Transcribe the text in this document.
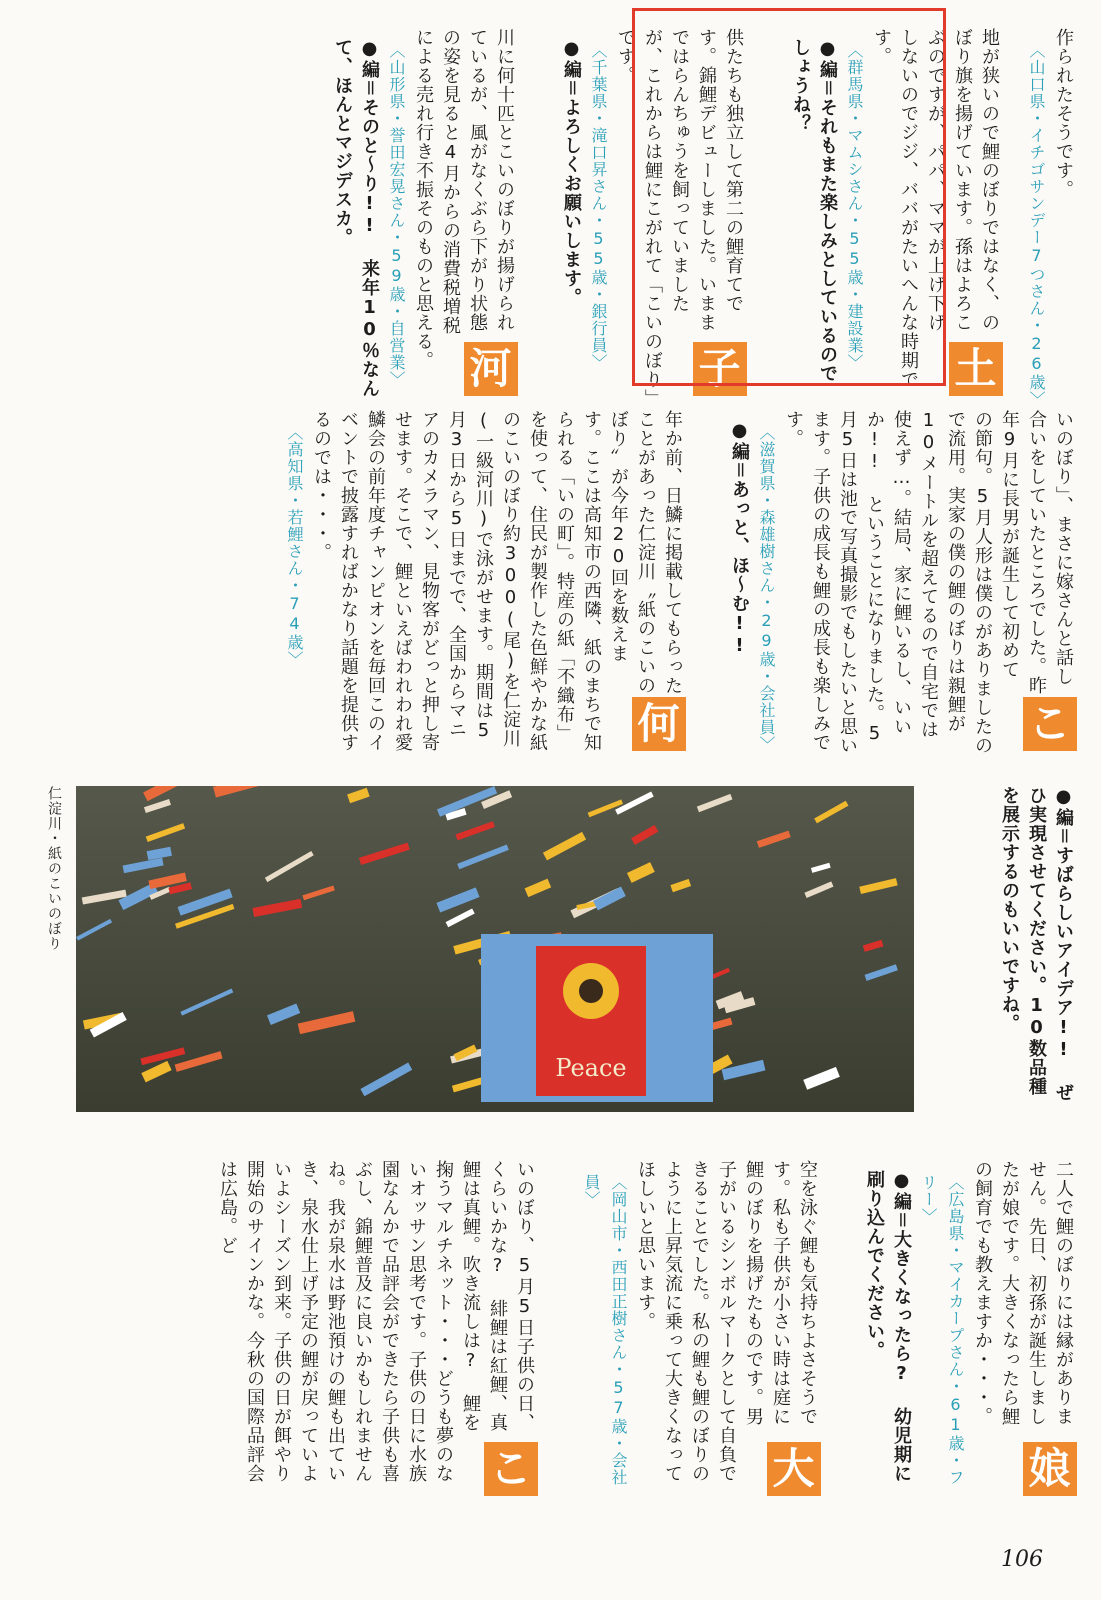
作られたそうです。
〈山口県・イチゴサンデー7つさん・26歳〉
土
地が狭いので鯉のぼりではなく、のぼり旗を揚げています。孫はよろこぶのですが、パパ、ママが上げ下げしないのでジジ、ババがたいへんな時期です。
〈群馬県・マムシさん・55歳・建設業〉
●編＝それもまた楽しみとしているのでしょうね？
子
供たちも独立して第二の鯉育てです。錦鯉デビューしました。いままではらんちゅうを飼っていましたが、これからは鯉にこがれて「こいのぼり」です。
〈千葉県・滝口昇さん・55歳・銀行員〉
●編＝よろしくお願いします。
河
川に何十匹とこいのぼりが揚げられているが、風がなくぶら下がり状態の姿を見ると4月からの消費税増税による売れ行き不振そのものと思える。
〈山形県・誉田宏晃さん・59歳・自営業〉
●編＝そのと〜り!! 来年10％なんて、ほんとマジデスカ。
こ
いのぼり」、まさに嫁さんと話し合いをしていたところでした。昨年9月に長男が誕生して初めての節句。5月人形は僕のがありましたので流用。実家の僕の鯉のぼりは親鯉が10メートルを超えてるので自宅では使えず…。結局、家に鯉いるし、いいか!! ということになりました。5月5日は池で写真撮影でもしたいと思います。子供の成長も鯉の成長も楽しみです。
〈滋賀県・森雄樹さん・29歳・会社員〉
●編＝あっと、ほ〜む!!
何
年か前、日鱗に掲載してもらったことがあった仁淀川〝紙のこいのぼり〟が今年20回を数えます。ここは高知市の西隣、紙のまちで知られる「いの町」。特産の紙「不織布」を使って、住民が製作した色鮮やかな紙のこいのぼり約300(尾)を仁淀川(一級河川)で泳がせます。期間は5月3日から5日までで、全国からマニアのカメラマン、見物客がどっと押し寄せます。そこで、鯉といえばわれわれ愛鱗会の前年度チャンピオンを毎回このイベントで披露すればかなり話題を提供するのでは・・・。
〈高知県・若鯉さん・74歳〉
●編＝すばらしいアイデア!! ぜひ実現させてください。10数品種を展示するのもいいですね。
Peace
仁淀川・紙のこいのぼり
娘
二人で鯉のぼりには縁がありません。先日、初孫が誕生しましたが娘です。大きくなったら鯉の飼育でも教えますか・・・。
〈広島県・マイカープさん・61歳・フリー〉
●編＝大きくなったら? 幼児期に刷り込んでください。
大
空を泳ぐ鯉も気持ちよさそうです。私も子供が小さい時は庭に鯉のぼりを揚げたものです。男子がいるシンボルマークとして自負できることでした。私の鯉も鯉のぼりのように上昇気流に乗って大きくなってほしいと思います。
〈岡山市・西田正樹さん・57歳・会社員〉
こ
いのぼり、5月5日子供の日、くらいかな? 緋鯉は紅鯉、真鯉は真鯉。吹き流しは? 鯉を掬うマルチネット・・・どうも夢のないオッサン思考です。子供の日に水族園なんかで品評会ができたら子供も喜ぶし、錦鯉普及に良いかもしれませんね。我が泉水は野池預けの鯉も出ていき、泉水仕上げ予定の鯉が戻っていよいよシーズン到来。子供の日が餌やり開始のサインかな。今秋の国際品評会は広島。ど
106
